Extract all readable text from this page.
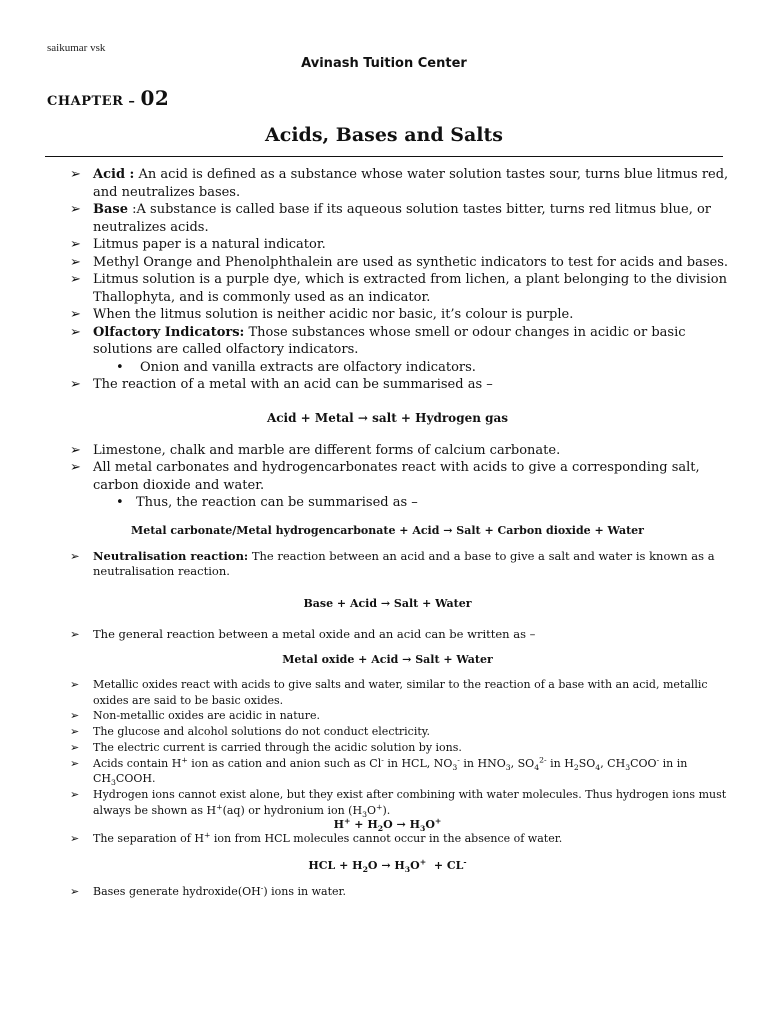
saikumar vsk
Avinash Tuition Center
CHAPTER – 02
Acids, Bases and Salts
➢ Acid : An acid is defined as a substance whose water solution tastes sour, turns blue litmus red, and neutralizes bases.
➢ Base :A substance is called base if its aqueous solution tastes bitter, turns red litmus blue, or neutralizes acids.
➢ Litmus paper is a natural indicator.
➢ Methyl Orange and Phenolphthalein are used as synthetic indicators to test for acids and bases.
➢ Litmus solution is a purple dye, which is extracted from lichen, a plant belonging to the division Thallophyta, and is commonly used as an indicator.
➢ When the litmus solution is neither acidic nor basic, it’s colour is purple.
➢ Olfactory Indicators: Those substances whose smell or odour changes in acidic or basic solutions are called olfactory indicators.
• Onion and vanilla extracts are olfactory indicators.
➢ The reaction of a metal with an acid can be summarised as –
Acid + Metal → salt + Hydrogen gas
➢ Limestone, chalk and marble are different forms of calcium carbonate.
➢ All metal carbonates and hydrogencarbonates react with acids to give a corresponding salt, carbon dioxide and water.
• Thus, the reaction can be summarised as –
Metal carbonate/Metal hydrogencarbonate + Acid → Salt + Carbon dioxide + Water
➢ Neutralisation reaction: The reaction between an acid and a base to give a salt and water is known as a neutralisation reaction.
Base + Acid → Salt + Water
➢ The general reaction between a metal oxide and an acid can be written as –
Metal oxide + Acid → Salt + Water
➢ Metallic oxides react with acids to give salts and water, similar to the reaction of a base with an acid, metallic oxides are said to be basic oxides.
➢ Non-metallic oxides are acidic in nature.
➢ The glucose and alcohol solutions do not conduct electricity.
➢ The electric current is carried through the acidic solution by ions.
➢ Acids contain H+ ion as cation and anion such as Cl- in HCL, $NO_3^-$ in $HNO_3$, $SO_4^{2-}$ in $H_2SO_4$, $CH_3COO^-$ in in $CH_3COOH$.
➢ Hydrogen ions cannot exist alone, but they exist after combining with water molecules. Thus hydrogen ions must always be shown as H+(aq) or hydronium ion $(H_3O^+)$.
$H^+ + H_2O \to H_3O^+$
➢ The separation of H+ ion from HCL molecules cannot occur in the absence of water.
HCL + $H_2O \to H_3O^+ + CL^-$
➢ Bases generate hydroxide(OH-) ions in water.
